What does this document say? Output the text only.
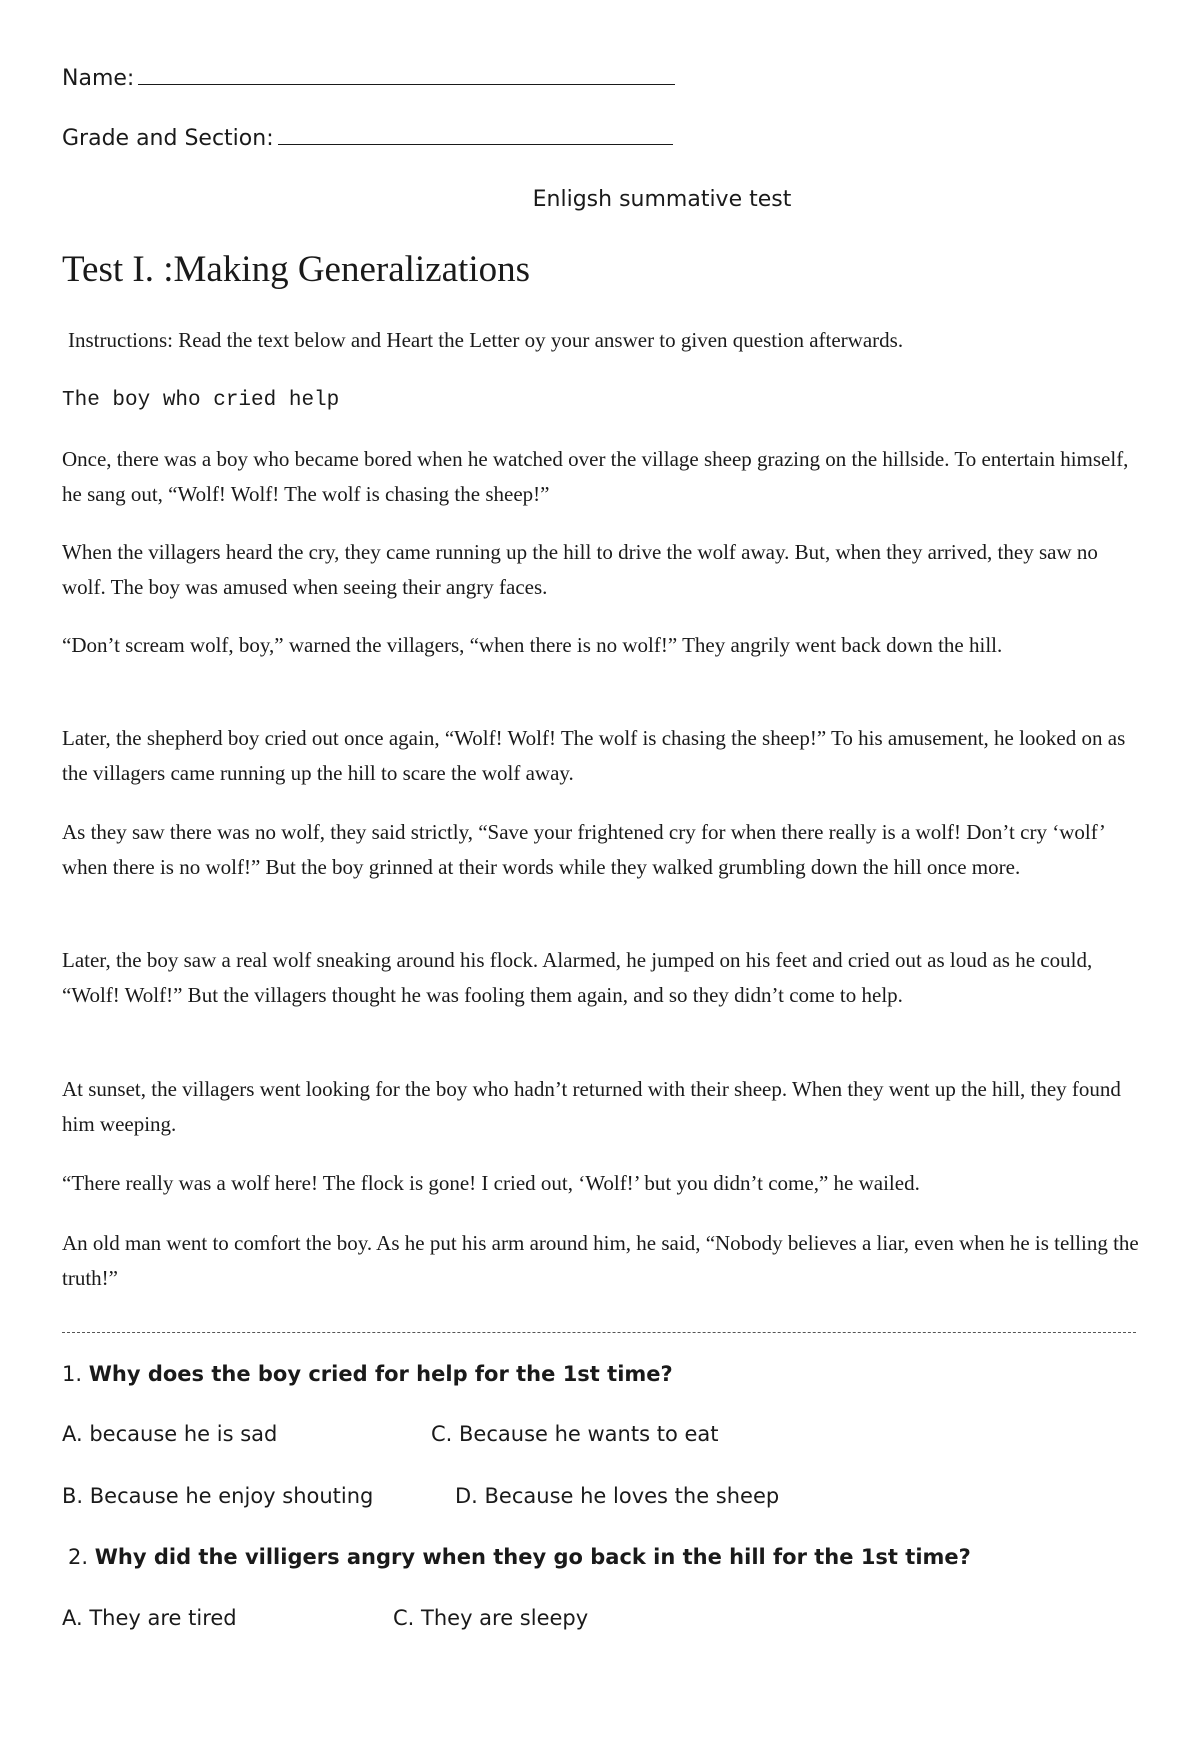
Name:
Grade and Section:
Enligsh summative test
Test I. :Making Generalizations
Instructions: Read the text below and Heart the Letter oy your answer to given question afterwards.
The boy who cried help

Once, there was a boy who became bored when he watched over the village sheep grazing on the hillside. To entertain himself, he sang out, “Wolf! Wolf! The wolf is chasing the sheep!”

When the villagers heard the cry, they came running up the hill to drive the wolf away. But, when they arrived, they saw no wolf. The boy was amused when seeing their angry faces.

“Don’t scream wolf, boy,” warned the villagers, “when there is no wolf!” They angrily went back down the hill.

Later, the shepherd boy cried out once again, “Wolf! Wolf! The wolf is chasing the sheep!” To his amusement, he looked on as the villagers came running up the hill to scare the wolf away.

As they saw there was no wolf, they said strictly, “Save your frightened cry for when there really is a wolf! Don’t cry ‘wolf’ when there is no wolf!” But the boy grinned at their words while they walked grumbling down the hill once more.

Later, the boy saw a real wolf sneaking around his flock. Alarmed, he jumped on his feet and cried out as loud as he could, “Wolf! Wolf!” But the villagers thought he was fooling them again, and so they didn’t come to help.

At sunset, the villagers went looking for the boy who hadn’t returned with their sheep. When they went up the hill, they found him weeping.

“There really was a wolf here! The flock is gone! I cried out, ‘Wolf!’ but you didn’t come,” he wailed.

An old man went to comfort the boy. As he put his arm around him, he said, “Nobody believes a liar, even when he is telling the truth!”

1. Why does the boy cried for help for the 1st time?
A. because he is sad	C. Because he wants to eat
B. Because he enjoy shouting	D. Because he loves the sheep
2. Why did the villigers angry when they go back in the hill for the 1st time?
A. They are tired	C. They are sleepy
